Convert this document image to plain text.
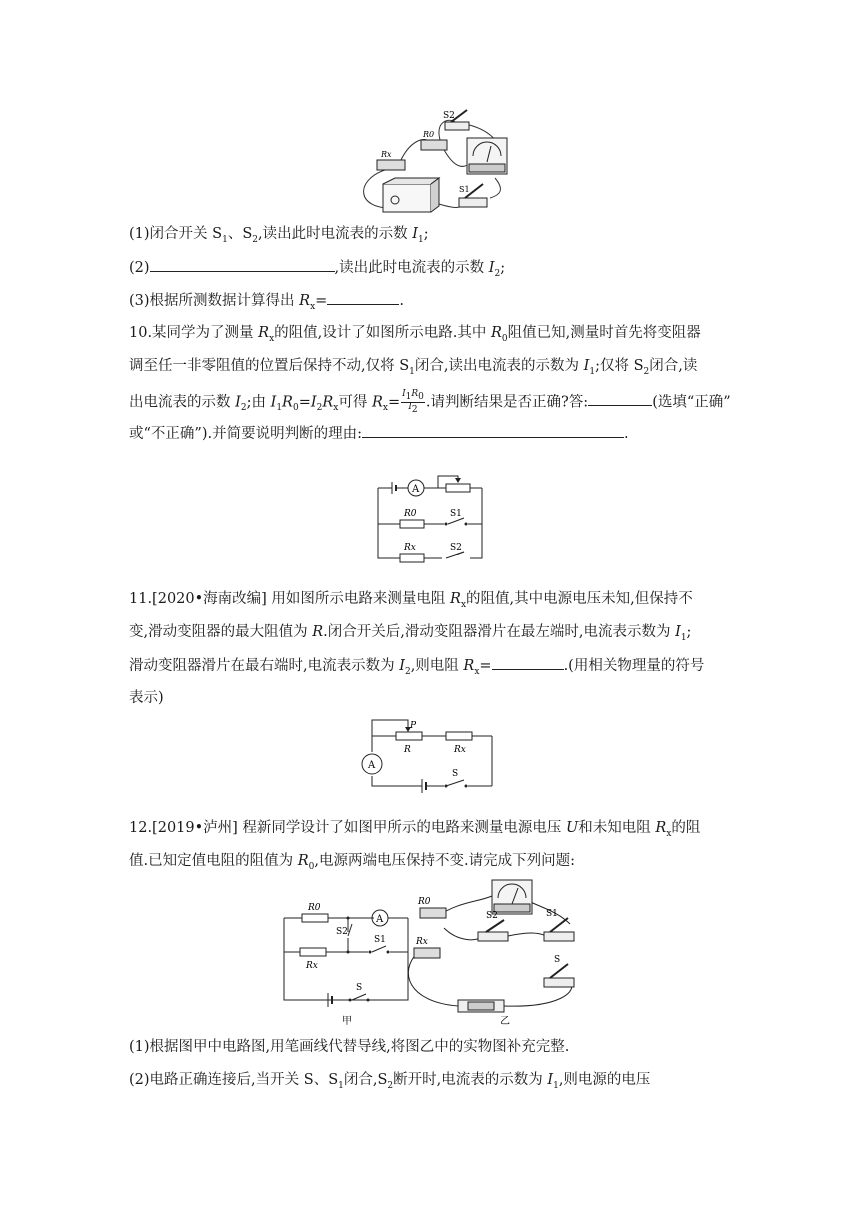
S2
R0
Rx
S1
(1)闭合开关 $S_1$、$S_2$,读出此时电流表的示数 $I_1$;
(2)	,读出此时电流表的示数 $I_2$;
(3)根据所测数据计算得出 $R_x=$	.
10.某同学为了测量 $R_x$的阻值,设计了如图所示电路.其中 $R_0$阻值已知,测量时首先将变阻器
调至任一非零阻值的位置后保持不动,仅将 $S_1$闭合,读出电流表的示数为 $I_1$;仅将 $S_2$闭合,读
出电流表的示数 $I_2$;由 $I_1R_0=I_2R_x$可得 $R_x= \frac{I_1R_0}{I_2}$ .请判断结果是否正确?答:	(选填“正确”
或“不正确”).并简要说明判断的理由:	.
A
R0	S1
Rx	S2
11.[2020•海南改编] 用如图所示电路来测量电阻 $R_x$的阻值,其中电源电压未知,但保持不
变,滑动变阻器的最大阻值为 R.闭合开关后,滑动变阻器滑片在最左端时,电流表示数为 $I_1$;
滑动变阻器滑片在最右端时,电流表示数为 $I_2$,则电阻 $R_x=$	.(用相关物理量的符号
表示)
P
R	Rx
A
S
12.[2019•泸州] 程新同学设计了如图甲所示的电路来测量电源电压 U和未知电阻 $R_x$的阻
值.已知定值电阻的阻值为 $R_0$,电源两端电压保持不变.请完成下列问题:
R0
A
S2
S1
Rx
S
甲
R0
S2	S1
Rx
S
乙
(1)根据图甲中电路图,用笔画线代替导线,将图乙中的实物图补充完整.
(2)电路正确连接后,当开关 S、$S_1$闭合$,S_2$断开时,电流表的示数为 $I_1$,则电源的电压
